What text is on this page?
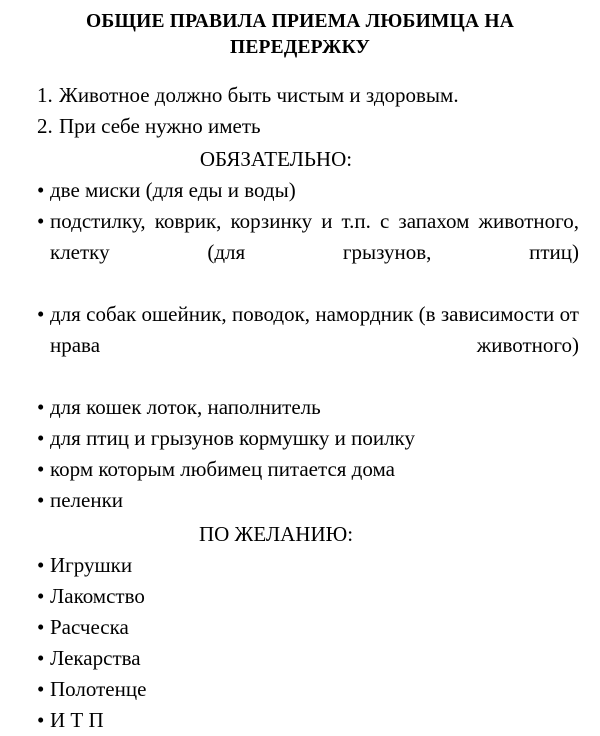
ОБЩИЕ ПРАВИЛА ПРИЕМА ЛЮБИМЦА НА ПЕРЕДЕРЖКУ
1. Животное должно быть чистым и здоровым.
2. При себе нужно иметь
ОБЯЗАТЕЛЬНО:
• две миски (для еды и воды)
• подстилку, коврик, корзинку и т.п. с запахом животного, клетку (для грызунов, птиц)
• для собак ошейник, поводок, намордник (в зависимости от нрава животного)
• для кошек лоток, наполнитель
• для птиц и грызунов кормушку и поилку
• корм которым любимец питается дома
• пеленки
ПО ЖЕЛАНИЮ:
• Игрушки
• Лакомство
• Расческа
• Лекарства
• Полотенце
• И Т П
